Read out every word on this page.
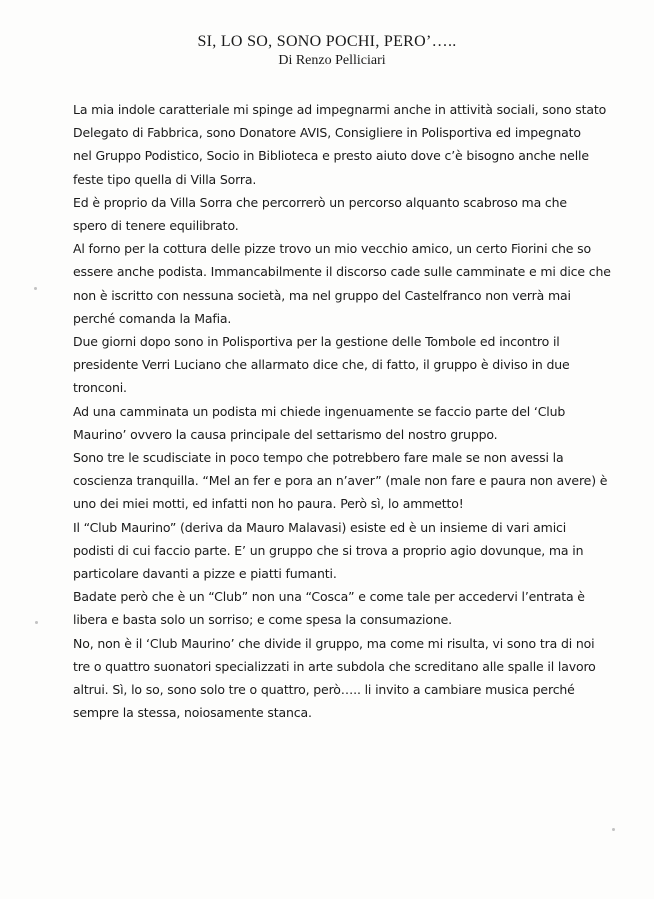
SI, LO SO, SONO POCHI, PERO’…..

Di Renzo Pelliciari

La mia indole caratteriale mi spinge ad impegnarmi anche in attività sociali, sono stato
Delegato di Fabbrica, sono Donatore AVIS, Consigliere in Polisportiva ed impegnato
nel Gruppo Podistico, Socio in Biblioteca e presto aiuto dove c’è bisogno anche nelle
feste tipo quella di Villa Sorra.

Ed è proprio da Villa Sorra che percorrerò un percorso alquanto scabroso ma che
spero di tenere equilibrato.

Al forno per la cottura delle pizze trovo un mio vecchio amico, un certo Fiorini che so
essere anche podista. Immancabilmente il discorso cade sulle camminate e mi dice che
non è iscritto con nessuna società, ma nel gruppo del Castelfranco non verrà mai
perché comanda la Mafia.

Due giorni dopo sono in Polisportiva per la gestione delle Tombole ed incontro il
presidente Verri Luciano che allarmato dice che, di fatto, il gruppo è diviso in due
tronconi.

Ad una camminata un podista mi chiede ingenuamente se faccio parte del ‘Club
Maurino’ ovvero la causa principale del settarismo del nostro gruppo.

Sono tre le scudisciate in poco tempo che potrebbero fare male se non avessi la
coscienza tranquilla. “Mel an fer e pora an n’aver” (male non fare e paura non avere) è
uno dei miei motti, ed infatti non ho paura. Però sì, lo ammetto!

Il “Club Maurino” (deriva da Mauro Malavasi) esiste ed è un insieme di vari amici
podisti di cui faccio parte. E’ un gruppo che si trova a proprio agio dovunque, ma in
particolare davanti a pizze e piatti fumanti.

Badate però che è un “Club” non una “Cosca” e come tale per accedervi l’entrata è
libera e basta solo un sorriso; e come spesa la consumazione.

No, non è il ‘Club Maurino’ che divide il gruppo, ma come mi risulta, vi sono tra di noi
tre o quattro suonatori specializzati in arte subdola che screditano alle spalle il lavoro
altrui. Sì, lo so, sono solo tre o quattro, però….. li invito a cambiare musica perché
sempre la stessa, noiosamente stanca.
